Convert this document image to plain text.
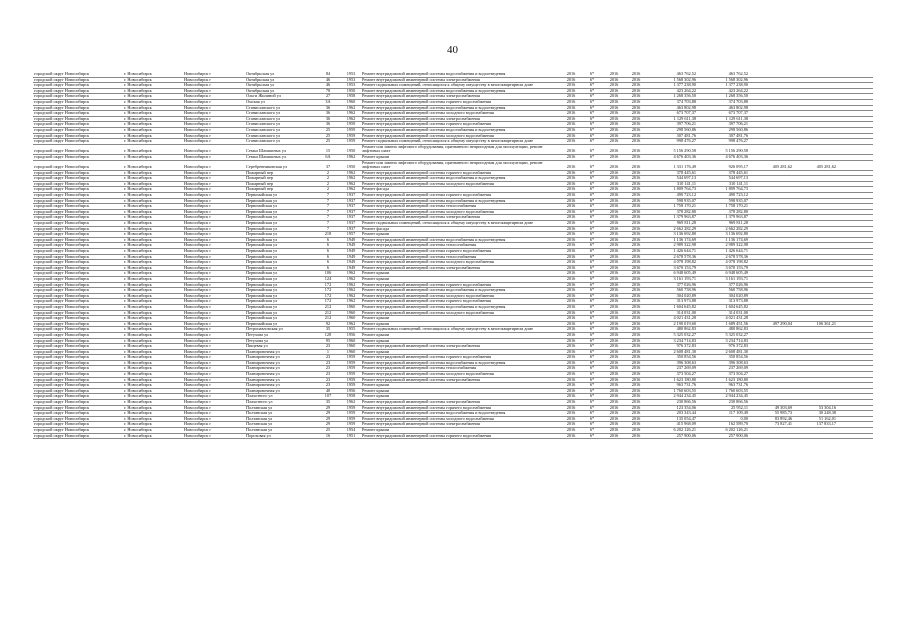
40
городской округ Новосибирск	г. Новосибирск	Новосибирск г	Октябрьская ул	84	1953	Ремонт внутридомовой инженерной системы водоснабжения и водоотведения	2016	6*	2016	2016	463 762,52	463 762,52			
городской округ Новосибирск	г. Новосибирск	Новосибирск г	Октябрьская ул	46	1953	Ремонт внутридомовой инженерной системы электроснабжения	2016	6*	2016	2016	1 568 302,96	1 568 302,96			
городской округ Новосибирск	г. Новосибирск	Новосибирск г	Октябрьская ул	46	1953	Ремонт подвальных помещений, относящихся к общему имуществу в многоквартирном доме	2016	6*	2016	2016	1 377 238,90	1 377 238,90			
городской округ Новосибирск	г. Новосибирск	Новосибирск г	Октябрьская ул	78	1950	Ремонт внутридомовой инженерной системы водоснабжения и водоотведения	2016	6*	2016	2016	423 264,22	423 264,22			
городской округ Новосибирск	г. Новосибирск	Новосибирск г	Ольги Жилиной ул	27	1958	Ремонт внутридомовой инженерной системы электроснабжения	2016	6*	2016	2016	1 268 356,50	1 268 356,50			
городской округ Новосибирск	г. Новосибирск	Новосибирск г	Омская ул	3А	1960	Ремонт внутридомовой инженерной системы горячего водоснабжения	2016	6*	2016	2016	374 703,88	374 703,88			
городской округ Новосибирск	г. Новосибирск	Новосибирск г	Станиславского ул	36	1962	Ремонт внутридомовой инженерной системы водоснабжения и водоотведения	2016	6*	2016	2016	463 802,98	463 802,98			
городской округ Новосибирск	г. Новосибирск	Новосибирск г	Станиславского ул	36	1962	Ремонт внутридомовой инженерной системы холодного водоснабжения	2016	6*	2016	2016	673 707,37	673 707,37			
городской округ Новосибирск	г. Новосибирск	Новосибирск г	Станиславского ул	36	1962	Ремонт внутридомовой инженерной системы электроснабжения	2016	6*	2016	2016	1 129 611,38	1 129 611,38			
городской округ Новосибирск	г. Новосибирск	Новосибирск г	Станиславского ул	36	1959	Ремонт внутридомовой инженерной системы горячего водоснабжения	2016	6*	2016	2016	397 706,21	397 706,21			
городской округ Новосибирск	г. Новосибирск	Новосибирск г	Станиславского ул	25	1959	Ремонт внутридомовой инженерной системы водоснабжения и водоотведения	2016	6*	2016	2016	298 560,86	298 560,86			
городской округ Новосибирск	г. Новосибирск	Новосибирск г	Станиславского ул	25	1959	Ремонт внутридомовой инженерной системы холодного водоснабжения	2016	6*	2016	2016	307 481,76	307 481,76			
городской округ Новосибирск	г. Новосибирск	Новосибирск г	Станиславского ул	25	1959	Ремонт подвальных помещений, относящихся к общему имуществу в многоквартирном доме	2016	6*	2016	2016	998 476,27	998 476,27			
городской округ Новосибирск	г. Новосибирск	Новосибирск г	Семьи Шамшиных ул	15	1950	Ремонт или замена лифтового оборудования, признанного непригодным для эксплуатации, ремонт лифтовых шахт	2016	6*	2016	2016	5 156 290,58	5 156 290,58			
городской округ Новосибирск	г. Новосибирск	Новосибирск г	Семьи Шамшиных ул	6А	1962	Ремонт крыши	2016	6*	2016	2016	4 676 403,36	4 676 403,36			
городской округ Новосибирск	г. Новосибирск	Новосибирск г	Серебренниковская ул	37	1950	Ремонт или замена лифтового оборудования, признанного непригодным для эксплуатации, ремонт лифтовых шахт	2016	6*	2016	2016	1 331 176,49	926 095,17	405 281,62	405 281,62	
городской округ Новосибирск	г. Новосибирск	Новосибирск г	Пожарный пер	2	1962	Ремонт внутридомовой инженерной системы горячего водоснабжения	2016	6*	2016	2016	378 445,61	378 445,61			
городской округ Новосибирск	г. Новосибирск	Новосибирск г	Пожарный пер	2	1962	Ремонт внутридомовой инженерной системы водоснабжения и водоотведения	2016	6*	2016	2016	544 697,13	544 697,13			
городской округ Новосибирск	г. Новосибирск	Новосибирск г	Пожарный пер	2	1962	Ремонт внутридомовой инженерной системы холодного водоснабжения	2016	6*	2016	2016	310 141,11	310 141,11			
городской округ Новосибирск	г. Новосибирск	Новосибирск г	Пожарный пер	2	1962	Ремонт фасада	2016	6*	2016	2016	1 809 764,73	1 809 764,73			
городской округ Новосибирск	г. Новосибирск	Новосибирск г	Первомайская ул	7	1937	Ремонт внутридомовой инженерной системы горячего водоснабжения	2016	6*	2016	2016	490 723,12	490 723,12			
городской округ Новосибирск	г. Новосибирск	Новосибирск г	Первомайская ул	7	1937	Ремонт внутридомовой инженерной системы водоснабжения и водоотведения	2016	6*	2016	2016	598 935,07	598 935,07			
городской округ Новосибирск	г. Новосибирск	Новосибирск г	Первомайская ул	7	1937	Ремонт внутридомовой инженерной системы теплоснабжения	2016	6*	2016	2016	1 758 170,21	1 758 170,21			
городской округ Новосибирск	г. Новосибирск	Новосибирск г	Первомайская ул	7	1937	Ремонт внутридомовой инженерной системы холодного водоснабжения	2016	6*	2016	2016	378 282,80	378 282,80			
городской округ Новосибирск	г. Новосибирск	Новосибирск г	Первомайская ул	7	1937	Ремонт внутридомовой инженерной системы электроснабжения	2016	6*	2016	2016	1 379 963,87	1 379 963,87			
городской округ Новосибирск	г. Новосибирск	Новосибирск г	Первомайская ул	7	1937	Ремонт подвальных помещений, относящихся к общему имуществу в многоквартирном доме	2016	6*	2016	2016	969 811,28	969 811,28			
городской округ Новосибирск	г. Новосибирск	Новосибирск г	Первомайская ул	7	1937	Ремонт фасада	2016	6*	2016	2016	2 662 282,29	2 662 282,29			
городской округ Новосибирск	г. Новосибирск	Новосибирск г	Первомайская ул	218	1957	Ремонт крыши	2016	6*	2016	2016	3 136 692,80	3 136 692,80			
городской округ Новосибирск	г. Новосибирск	Новосибирск г	Первомайская ул	6	1949	Ремонт внутридомовой инженерной системы водоснабжения и водоотведения	2016	6*	2016	2016	1 136 174,69	1 136 174,69			
городской округ Новосибирск	г. Новосибирск	Новосибирск г	Первомайская ул	6	1949	Ремонт внутридомовой инженерной системы теплоснабжения	2016	6*	2016	2016	2 989 322,98	2 989 322,98			
городской округ Новосибирск	г. Новосибирск	Новосибирск г	Первомайская ул	6	1949	Ремонт внутридомовой инженерной системы горячего водоснабжения	2016	6*	2016	2016	1 426 644,71	1 426 644,71			
городской округ Новосибирск	г. Новосибирск	Новосибирск г	Первомайская ул	6	1949	Ремонт внутридомовой инженерной системы теплоснабжения	2016	6*	2016	2016	2 678 578,36	2 678 578,36			
городской округ Новосибирск	г. Новосибирск	Новосибирск г	Первомайская ул	6	1949	Ремонт внутридомовой инженерной системы холодного водоснабжения	2016	6*	2016	2016	4 078 198,82	4 078 198,82			
городской округ Новосибирск	г. Новосибирск	Новосибирск г	Первомайская ул	6	1949	Ремонт внутридомовой инженерной системы электроснабжения	2016	6*	2016	2016	3 670 153,79	3 670 153,79			
городской округ Новосибирск	г. Новосибирск	Новосибирск г	Первомайская ул	106	1962	Ремонт крыши	2016	6*	2016	2016	6 948 605,49	6 948 605,49			
городской округ Новосибирск	г. Новосибирск	Новосибирск г	Первомайская ул	124	1962	Ремонт крыши	2016	6*	2016	2016	3 161 193,71	3 161 193,71			
городской округ Новосибирск	г. Новосибирск	Новосибирск г	Первомайская ул	172	1962	Ремонт внутридомовой инженерной системы горячего водоснабжения	2016	6*	2016	2016	377 026,96	377 026,96			
городской округ Новосибирск	г. Новосибирск	Новосибирск г	Первомайская ул	172	1962	Ремонт внутридомовой инженерной системы водоснабжения и водоотведения	2016	6*	2016	2016	560 758,96	560 758,96			
городской округ Новосибирск	г. Новосибирск	Новосибирск г	Первомайская ул	172	1962	Ремонт внутридомовой инженерной системы холодного водоснабжения	2016	6*	2016	2016	304 020,89	304 020,89			
городской округ Новосибирск	г. Новосибирск	Новосибирск г	Первомайская ул	172	1962	Ремонт внутридомовой инженерной системы горячего водоснабжения	2016	6*	2016	2016	313 973,88	313 973,88			
городской округ Новосибирск	г. Новосибирск	Новосибирск г	Первомайская ул	212	1960	Ремонт внутридомовой инженерной системы водоснабжения и водоотведения	2016	6*	2016	2016	1 604 645,82	1 604 645,82			
городской округ Новосибирск	г. Новосибирск	Новосибирск г	Первомайская ул	212	1960	Ремонт внутридомовой инженерной системы холодного водоснабжения	2016	6*	2016	2016	314 031,00	314 031,00			
городской округ Новосибирск	г. Новосибирск	Новосибирск г	Первомайская ул	212	1960	Ремонт крыши	2016	6*	2016	2016	4 021 431,28	4 021 431,28			
городской округ Новосибирск	г. Новосибирск	Новосибирск г	Первомайская ул	92	1962	Ремонт крыши	2016	6*	2016	2016	2 190 019,60	1 689 451,56	497 290,04	106 361,21	
городской округ Новосибирск	г. Новосибирск	Новосибирск г	Петропавловская ул	35	1955	Ремонт подвальных помещений, относящихся к общему имуществу в многоквартирном доме	2016	6*	2016	2016	480 862,83	480 862,83			
городской округ Новосибирск	г. Новосибирск	Новосибирск г	Петухова ул	128	1956	Ремонт крыши	2016	6*	2016	2016	5 325 032,27	5 325 032,27			
городской округ Новосибирск	г. Новосибирск	Новосибирск г	Петухова ул	95	1960	Ремонт крыши	2016	6*	2016	2016	3 234 714,83	3 234 714,83			
городской округ Новосибирск	г. Новосибирск	Новосибирск г	Пищевая ул	23	1960	Ремонт внутридомовой инженерной системы электроснабжения	2016	6*	2016	2016	976 372,83	976 372,83			
городской округ Новосибирск	г. Новосибирск	Новосибирск г	Планировочная ул	1	1960	Ремонт крыши	2016	6*	2016	2016	2 608 481,30	2 608 481,30			
городской округ Новосибирск	г. Новосибирск	Новосибирск г	Планировочная ул	23	1959	Ремонт внутридомовой инженерной системы горячего водоснабжения	2016	6*	2016	2016	350 854,56	350 854,56			
городской округ Новосибирск	г. Новосибирск	Новосибирск г	Планировочная ул	23	1959	Ремонт внутридомовой инженерной системы водоснабжения и водоотведения	2016	6*	2016	2016	396 308,63	396 308,63			
городской округ Новосибирск	г. Новосибирск	Новосибирск г	Планировочная ул	23	1959	Ремонт внутридомовой инженерной системы теплоснабжения	2016	6*	2016	2016	237 269,09	237 269,09			
городской округ Новосибирск	г. Новосибирск	Новосибирск г	Планировочная ул	23	1959	Ремонт внутридомовой инженерной системы холодного водоснабжения	2016	6*	2016	2016	373 504,27	373 504,27			
городской округ Новосибирск	г. Новосибирск	Новосибирск г	Планировочная ул	23	1959	Ремонт внутридомовой инженерной системы электроснабжения	2016	6*	2016	2016	1 623 180,80	1 623 180,80			
городской округ Новосибирск	г. Новосибирск	Новосибирск г	Планировочная ул	23	1959	Ремонт крыши	2016	6*	2016	2016	963 731,76	963 731,76			
городской округ Новосибирск	г. Новосибирск	Новосибирск г	Планировочная ул	40	1956	Ремонт крыши	2016	6*	2016	2016	1 760 603,55	1 760 603,55			
городской округ Новосибирск	г. Новосибирск	Новосибирск г	Плахотного ул	107	1958	Ремонт крыши	2016	6*	2016	2016	2 944 234,45	2 944 234,45			
городской округ Новосибирск	г. Новосибирск	Новосибирск г	Плахотного ул	35	1962	Ремонт внутридомовой инженерной системы электроснабжения	2016	6*	2016	2016	230 866,56	230 866,56			
городской округ Новосибирск	г. Новосибирск	Новосибирск г	Полтавская ул	29	1959	Ремонт внутридомовой инженерной системы горячего водоснабжения	2016	6*	2016	2016	123 354,06	25 952,11	49 303,69	53 304,16	
городской округ Новосибирск	г. Новосибирск	Новосибирск г	Полтавская ул	29	1959	Ремонт внутридомовой инженерной системы водоснабжения и водоотведения	2016	6*	2016	2016	203 343,44	117 109,49	55 985,73	30 248,38	
городской округ Новосибирск	г. Новосибирск	Новосибирск г	Полтавская ул	29	1959	Ремонт внутридомовой инженерной системы холодного водоснабжения	2016	6*	2016	2016	135 054,47	0,00	83 892,46	51 162,01	
городской округ Новосибирск	г. Новосибирск	Новосибирск г	Полтавская ул	29	1959	Ремонт внутридомовой инженерной системы электроснабжения	2016	6*	2016	2016	415 968,09	162 589,70	73 827,41	137 833,17	
городской округ Новосибирск	г. Новосибирск	Новосибирск г	Полтавская ул	25	1954	Ремонт крыши	2016	6*	2016	2016	6 202 126,21	6 202 126,21			
городской округ Новосибирск	г. Новосибирск	Новосибирск г	Пороховая ул	16	1951	Ремонт внутридомовой инженерной системы горячего водоснабжения	2016	6*	2016	2016	257 900,06	257 900,06			
